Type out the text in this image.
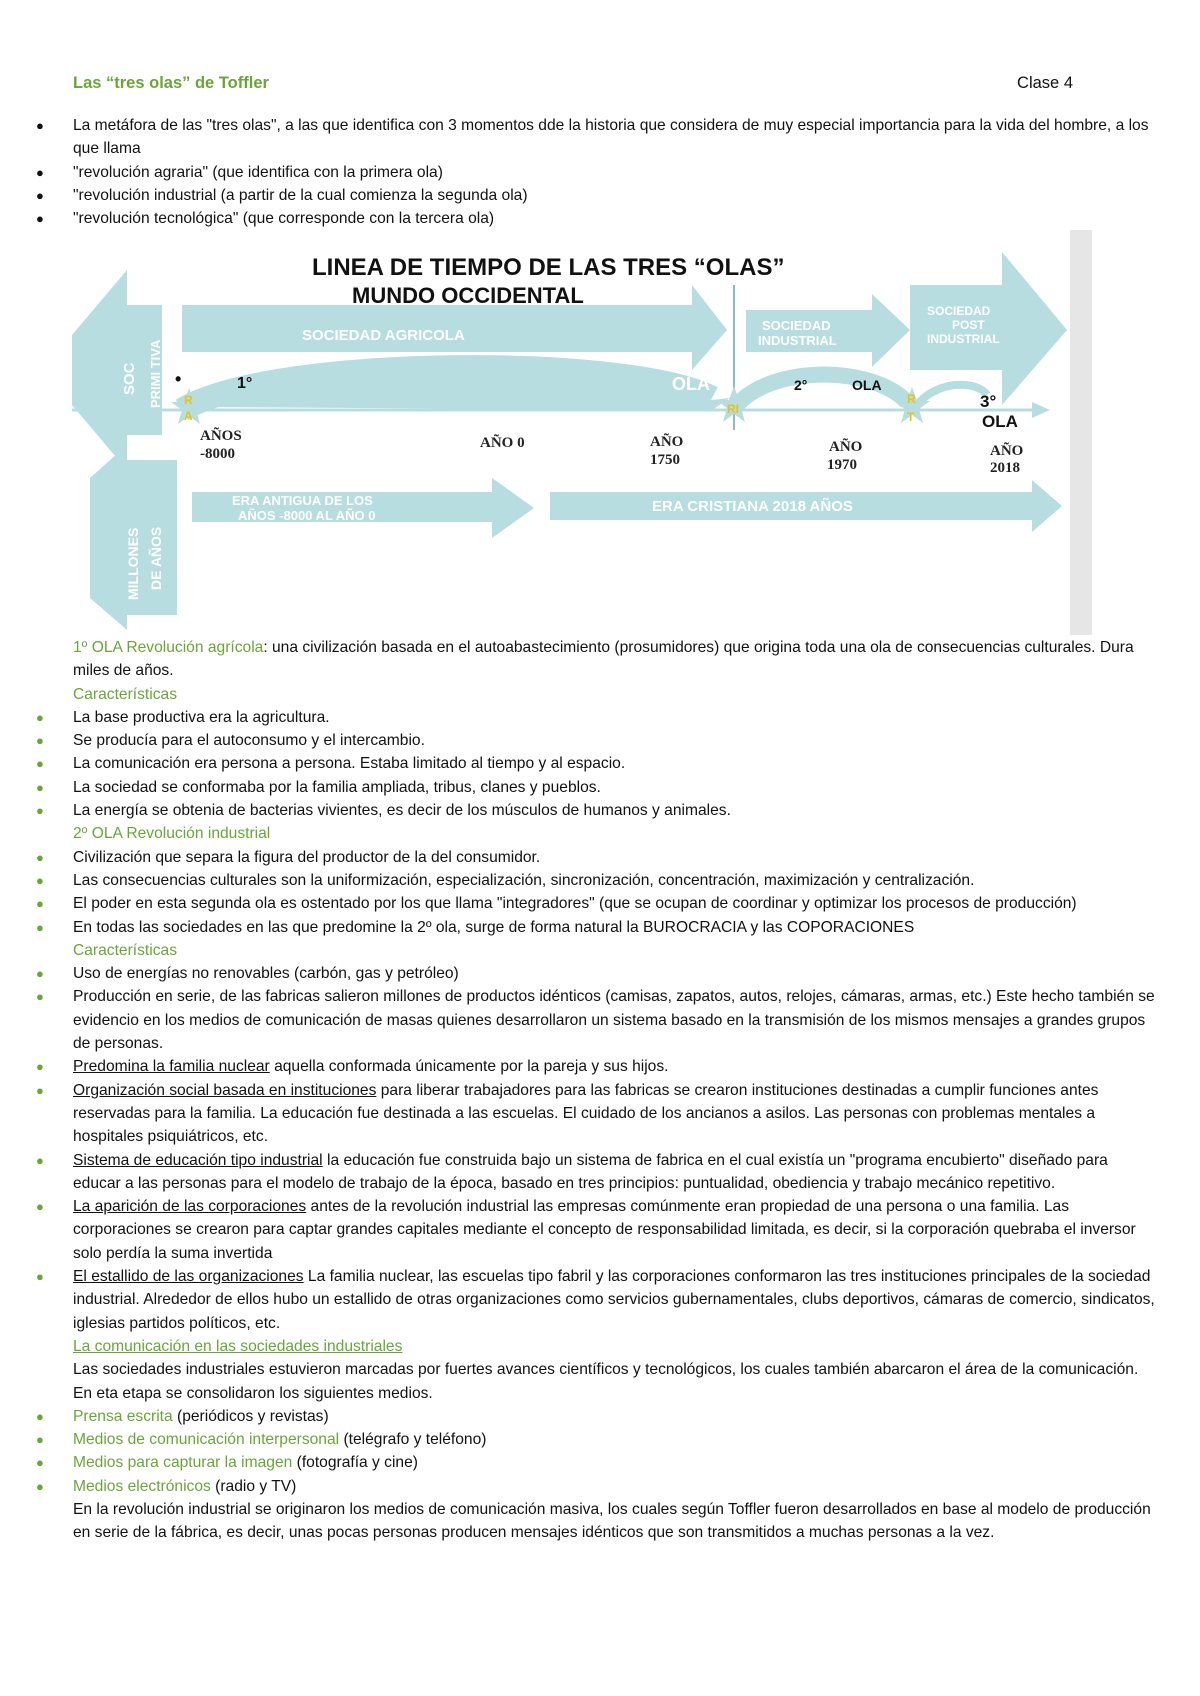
Las “tres olas” de Toffler	Clase 4
●	La metáfora de las "tres olas", a las que identifica con 3 momentos dde la historia que considera de muy especial importancia para la vida del hombre, a los que llama
●	"revolución agraria" (que identifica con la primera ola)
●	"revolución industrial (a partir de la cual comienza la segunda ola)
●	"revolución tecnológica" (que corresponde con la tercera ola)
LINEA DE TIEMPO DE LAS TRES “OLAS”
MUNDO OCCIDENTAL
SOC PRIMI TIVA
SOCIEDAD AGRICOLA
SOCIEDAD
INDUSTRIAL
SOCIEDAD
POST
INDUSTRIAL
1°	OLA	2°	OLA
3°
OLA
•
R
A	RI
R
T
AÑOS
-8000
AÑO 0	AÑO
1750
AÑO
1970
AÑO
2018
MILLONES DE AÑOS
ERA ANTIGUA DE LOS
AÑOS -8000 AL AÑO 0
ERA CRISTIANA 2018 AÑOS
1º OLA Revolución agrícola: una civilización basada en el autoabastecimiento (prosumidores) que origina toda una ola de consecuencias culturales. Dura miles de años.
Características
●	La base productiva era la agricultura.
●	Se producía para el autoconsumo y el intercambio.
●	La comunicación era persona a persona. Estaba limitado al tiempo y al espacio.
●	La sociedad se conformaba por la familia ampliada, tribus, clanes y pueblos.
●	La energía se obtenia de bacterias vivientes, es decir de los músculos de humanos y animales.
2º OLA Revolución industrial
●	Civilización que separa la figura del productor de la del consumidor.
●	Las consecuencias culturales son la uniformización, especialización, sincronización, concentración, maximización y centralización.
●	El poder en esta segunda ola es ostentado por los que llama "integradores" (que se ocupan de coordinar y optimizar los procesos de producción)
●	En todas las sociedades en las que predomine la 2º ola, surge de forma natural la BUROCRACIA y las COPORACIONES
Características
●	Uso de energías no renovables (carbón, gas y petróleo)
●	Producción en serie, de las fabricas salieron millones de productos idénticos (camisas, zapatos, autos, relojes, cámaras, armas, etc.) Este hecho también se evidencio en los medios de comunicación de masas quienes desarrollaron un sistema basado en la transmisión de los mismos mensajes a grandes grupos de personas.
●	Predomina la familia nuclear aquella conformada únicamente por la pareja y sus hijos.
●	Organización social basada en instituciones para liberar trabajadores para las fabricas se crearon instituciones destinadas a cumplir funciones antes reservadas para la familia. La educación fue destinada a las escuelas. El cuidado de los ancianos a asilos. Las personas con problemas mentales a hospitales psiquiátricos, etc.
●	Sistema de educación tipo industrial la educación fue construida bajo un sistema de fabrica en el cual existía un "programa encubierto" diseñado para educar a las personas para el modelo de trabajo de la época, basado en tres principios: puntualidad, obediencia y trabajo mecánico repetitivo.
●	La aparición de las corporaciones antes de la revolución industrial las empresas comúnmente eran propiedad de una persona o una familia. Las corporaciones se crearon para captar grandes capitales mediante el concepto de responsabilidad limitada, es decir, si la corporación quebraba el inversor solo perdía la suma invertida
●	El estallido de las organizaciones La familia nuclear, las escuelas tipo fabril y las corporaciones conformaron las tres instituciones principales de la sociedad industrial. Alrededor de ellos hubo un estallido de otras organizaciones como servicios gubernamentales, clubs deportivos, cámaras de comercio, sindicatos, iglesias partidos políticos, etc.
La comunicación en las sociedades industriales
Las sociedades industriales estuvieron marcadas por fuertes avances científicos y tecnológicos, los cuales también abarcaron el área de la comunicación. En eta etapa se consolidaron los siguientes medios.
●	Prensa escrita (periódicos y revistas)
●	Medios de comunicación interpersonal (telégrafo y teléfono)
●	Medios para capturar la imagen (fotografía y cine)
●	Medios electrónicos (radio y TV)
En la revolución industrial se originaron los medios de comunicación masiva, los cuales según Toffler fueron desarrollados en base al modelo de producción en serie de la fábrica, es decir, unas pocas personas producen mensajes idénticos que son transmitidos a muchas personas a la vez.
